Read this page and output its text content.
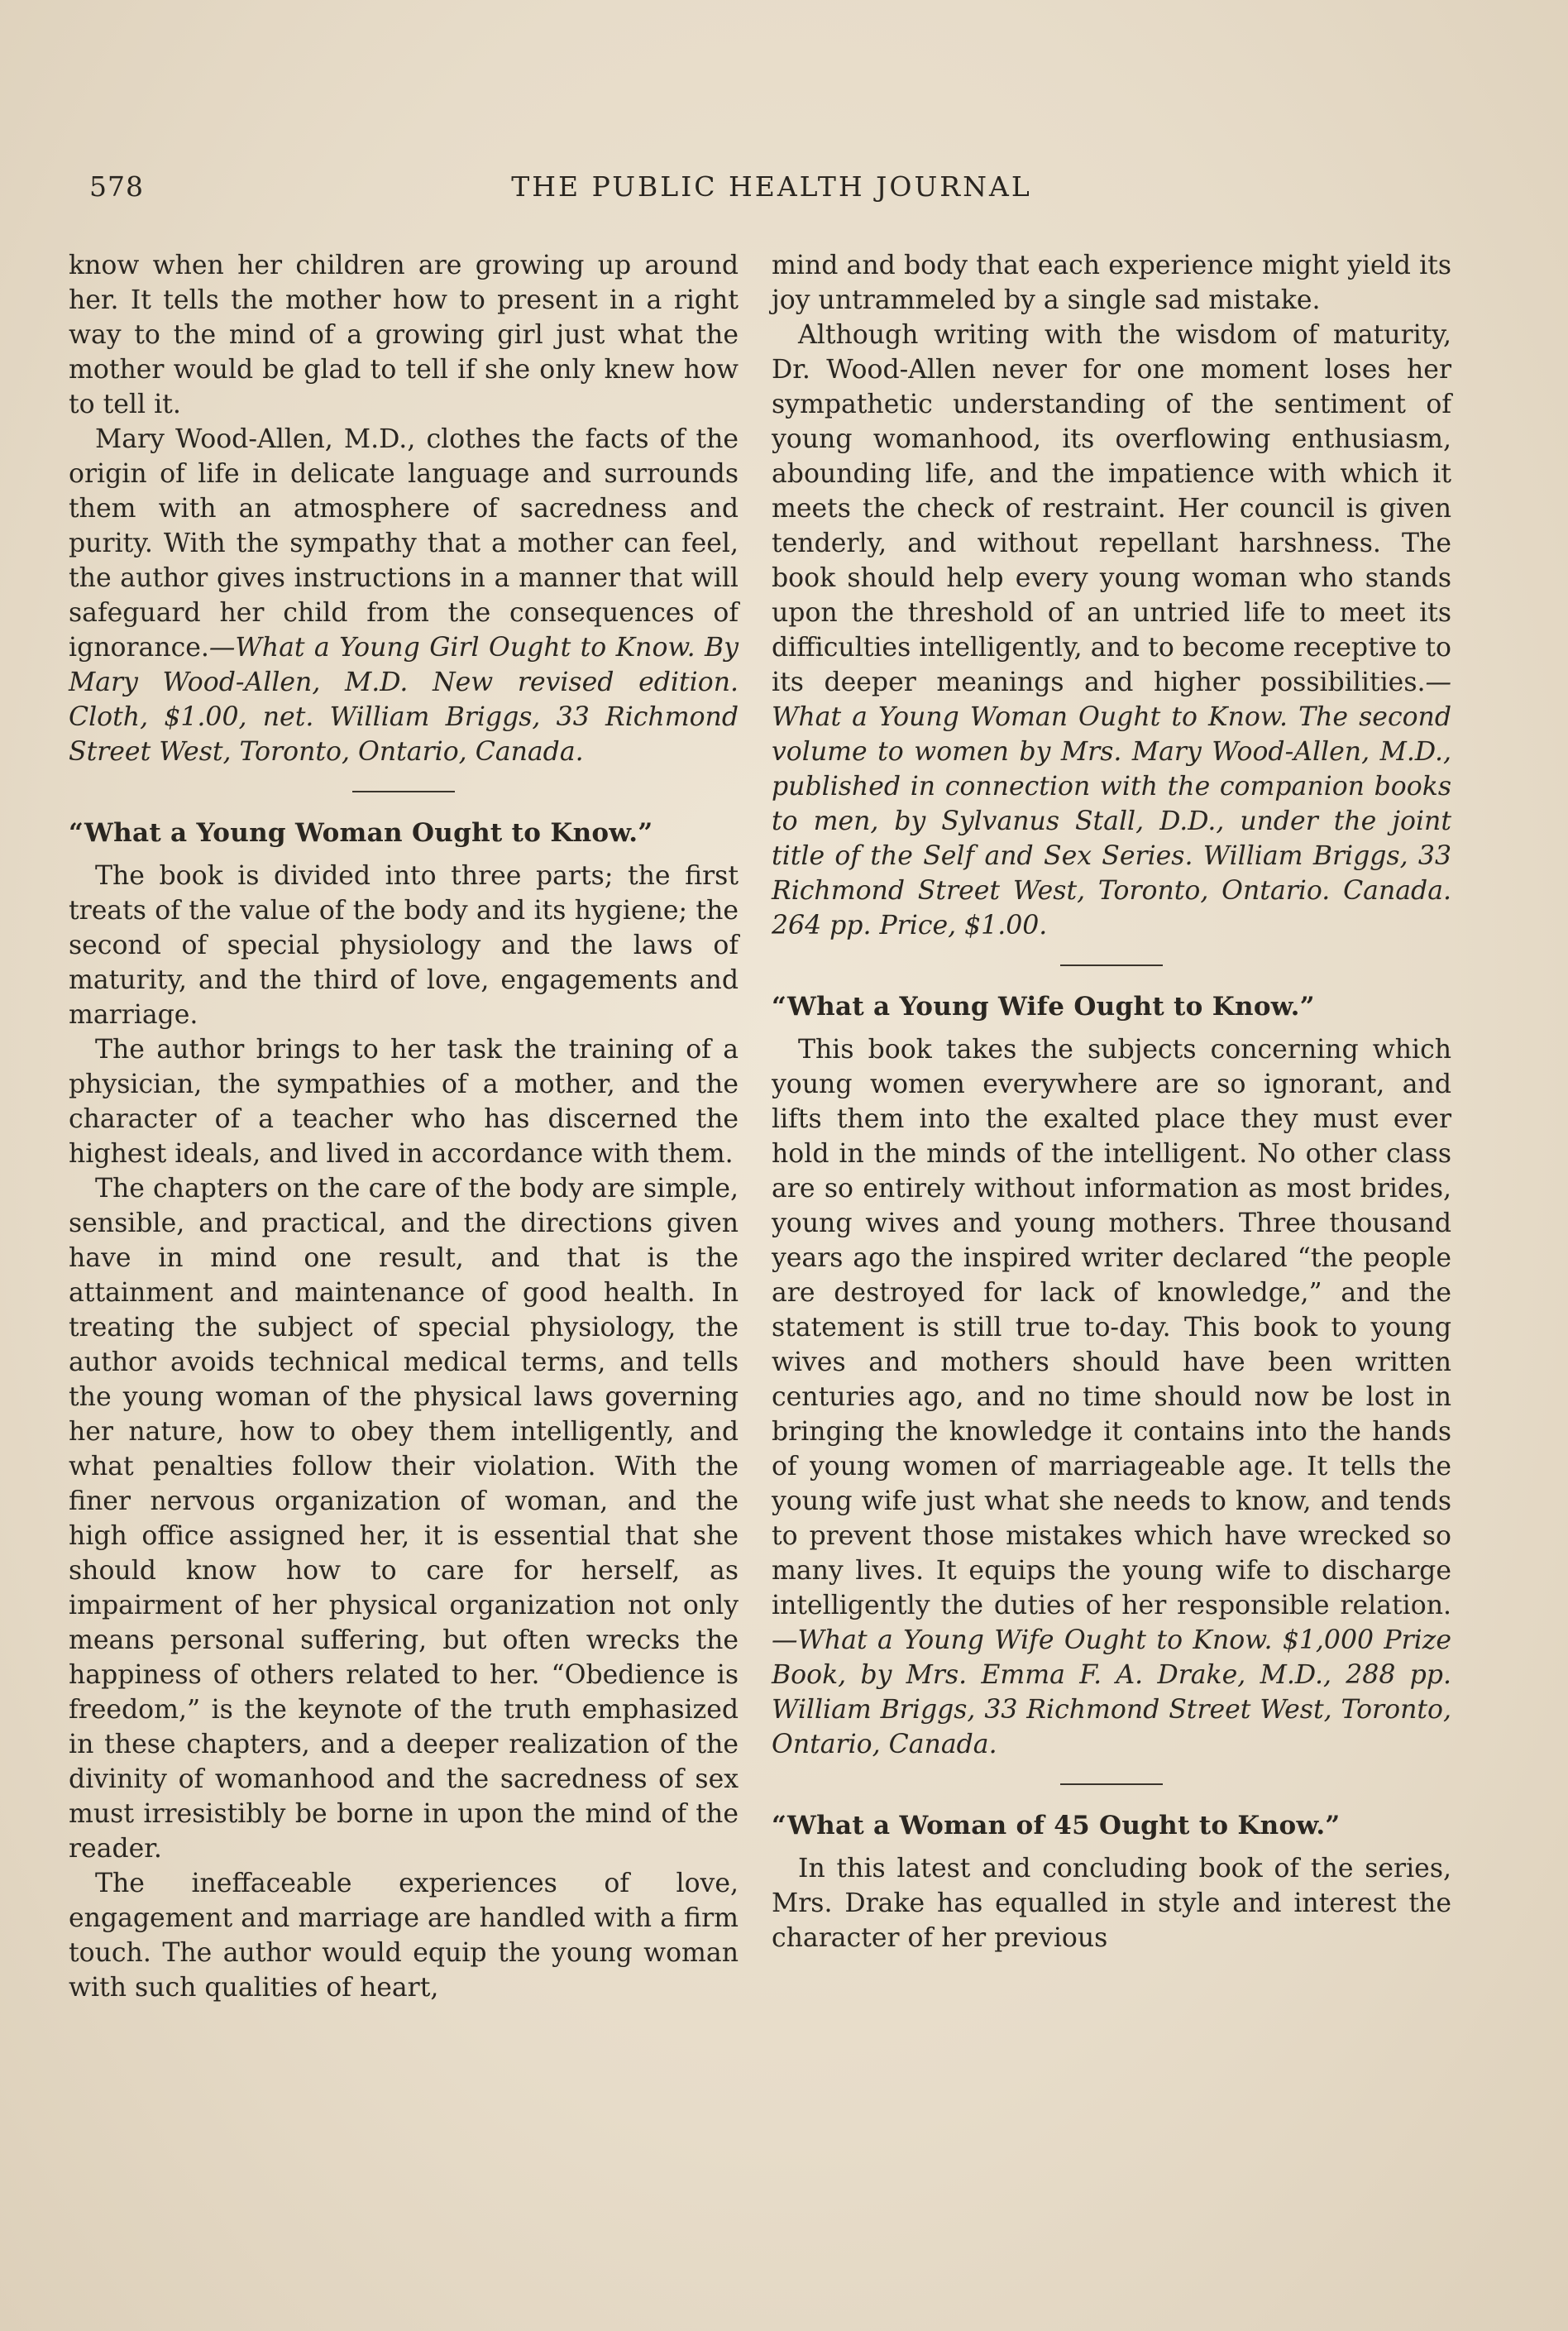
578	THE PUBLIC HEALTH JOURNAL

know when her children are growing up around her. It tells the mother how to present in a right way to the mind of a growing girl just what the mother would be glad to tell if she only knew how to tell it.

Mary Wood-Allen, M.D., clothes the facts of the origin of life in delicate language and surrounds them with an atmosphere of sacredness and purity. With the sympathy that a mother can feel, the author gives instructions in a manner that will safeguard her child from the consequences of ignorance.—What a Young Girl Ought to Know. By Mary Wood-Allen, M.D. New revised edition. Cloth, $1.00, net. William Briggs, 33 Richmond Street West, Toronto, Ontario, Canada.

“What a Young Woman Ought to Know.”

The book is divided into three parts; the first treats of the value of the body and its hygiene; the second of special physiology and the laws of maturity, and the third of love, engagements and marriage.

The author brings to her task the training of a physician, the sympathies of a mother, and the character of a teacher who has discerned the highest ideals, and lived in accordance with them.

The chapters on the care of the body are simple, sensible, and practical, and the directions given have in mind one result, and that is the attainment and maintenance of good health. In treating the subject of special physiology, the author avoids technical medical terms, and tells the young woman of the physical laws governing her nature, how to obey them intelligently, and what penalties follow their violation. With the finer nervous organization of woman, and the high office assigned her, it is essential that she should know how to care for herself, as impairment of her physical organization not only means personal suffering, but often wrecks the happiness of others related to her. “Obedience is freedom,” is the keynote of the truth emphasized in these chapters, and a deeper realization of the divinity of womanhood and the sacredness of sex must irresistibly be borne in upon the mind of the reader.

The ineffaceable experiences of love, engagement and marriage are handled with a firm touch. The author would equip the young woman with such qualities of heart,

mind and body that each experience might yield its joy untrammeled by a single sad mistake.

Although writing with the wisdom of maturity, Dr. Wood-Allen never for one moment loses her sympathetic understanding of the sentiment of young womanhood, its overflowing enthusiasm, abounding life, and the impatience with which it meets the check of restraint. Her council is given tenderly, and without repellant harshness. The book should help every young woman who stands upon the threshold of an untried life to meet its difficulties intelligently, and to become receptive to its deeper meanings and higher possibilities.—What a Young Woman Ought to Know. The second volume to women by Mrs. Mary Wood-Allen, M.D., published in connection with the companion books to men, by Sylvanus Stall, D.D., under the joint title of the Self and Sex Series. William Briggs, 33 Richmond Street West, Toronto, Ontario. Canada. 264 pp. Price, $1.00.

“What a Young Wife Ought to Know.”

This book takes the subjects concerning which young women everywhere are so ignorant, and lifts them into the exalted place they must ever hold in the minds of the intelligent. No other class are so entirely without information as most brides, young wives and young mothers. Three thousand years ago the inspired writer declared “the people are destroyed for lack of knowledge,” and the statement is still true to-day. This book to young wives and mothers should have been written centuries ago, and no time should now be lost in bringing the knowledge it contains into the hands of young women of marriageable age. It tells the young wife just what she needs to know, and tends to prevent those mistakes which have wrecked so many lives. It equips the young wife to discharge intelligently the duties of her responsible relation.—What a Young Wife Ought to Know. $1,000 Prize Book, by Mrs. Emma F. A. Drake, M.D., 288 pp. William Briggs, 33 Richmond Street West, Toronto, Ontario, Canada.

“What a Woman of 45 Ought to Know.”

In this latest and concluding book of the series, Mrs. Drake has equalled in style and interest the character of her previous
